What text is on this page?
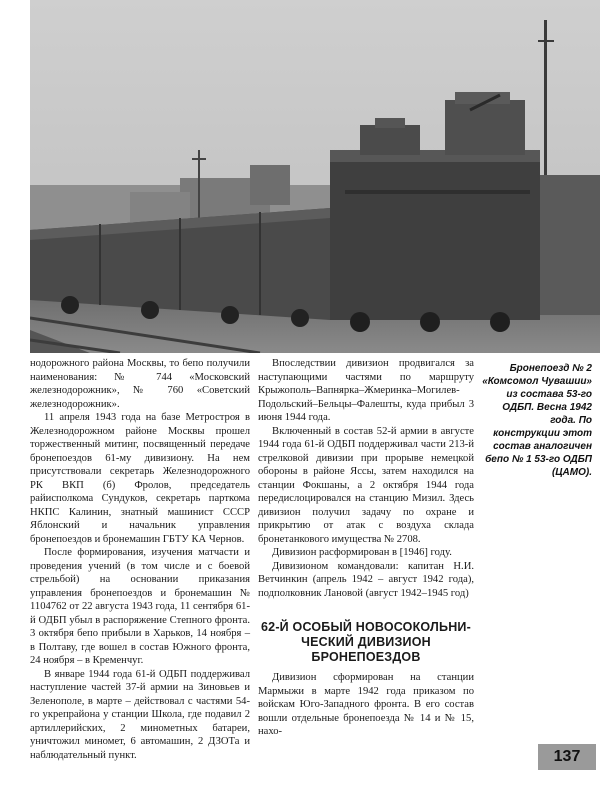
нодорожного района Москвы, то бепо получили наименования: № 744 «Московский железнодорожник», № 760 «Советский железнодорожник».

11 апреля 1943 года на базе Метростроя в Железнодорожном районе Москвы прошел торжественный митинг, посвященный передаче бронепоездов 61-му дивизиону. На нем присутствовали секретарь Железнодорожного РК ВКП (б) Фролов, председатель райисполкома Сундуков, секретарь парткома НКПС Калинин, знатный машинист СССР Яблонский и начальник управления бронепоездов и бронемашин ГБТУ КА Чернов.

После формирования, изучения матчасти и проведения учений (в том числе и с боевой стрельбой) на основании приказания управления бронепоездов и бронемашин № 1104762 от 22 августа 1943 года, 11 сентября 61-й ОДБП убыл в распоряжение Степного фронта. 3 октября бепо прибыли в Харьков, 14 ноября – в Полтаву, где вошел в состав Южного фронта, 24 ноября – в Кременчуг.

В январе 1944 года 61-й ОДБП поддерживал наступление частей 37-й армии на Зиновьев и Зеленополе, в марте – действовал с частями 54-го укрепрайона у станции Школа, где подавил 2 артиллерийских, 2 минометных батареи, уничтожил миномет, 6 автомашин, 2 ДЗОТа и наблюдательный пункт.

Впоследствии дивизион продвигался за наступающими частями по маршруту Крыжополь–Вапнярка–Жмеринка–Могилев-Подольский–Бельцы–Фалешты, куда прибыл 3 июня 1944 года.

Включенный в состав 52-й армии в августе 1944 года 61-й ОДБП поддерживал части 213-й стрелковой дивизии при прорыве немецкой обороны в районе Яссы, затем находился на станции Фокшаны, а 2 октября 1944 года передислоцировался на станцию Мизил. Здесь дивизион получил задачу по охране и прикрытию от атак с воздуха склада бронетанкового имущества № 2708.

Дивизион расформирован в [1946] году.

Дивизионом командовали: капитан Н.И. Ветчинкин (апрель 1942 – август 1942 года), подполковник Лановой (август 1942–1945 год)

62-Й ОСОБЫЙ НОВОСОКОЛЬНИ-
ЧЕСКИЙ ДИВИЗИОН
БРОНЕПОЕЗДОВ

Дивизион сформирован на станции Мармыжи в марте 1942 года приказом по войскам Юго-Западного фронта. В его состав вошли отдельные бронепоезда № 14 и № 15, нахо-

Бронепоезд № 2 «Комсомол Чувашии» из состава 53-го ОДБП. Весна 1942 года. По конструкции этот состав аналогичен бепо № 1 53-го ОДБП (ЦАМО).
137
